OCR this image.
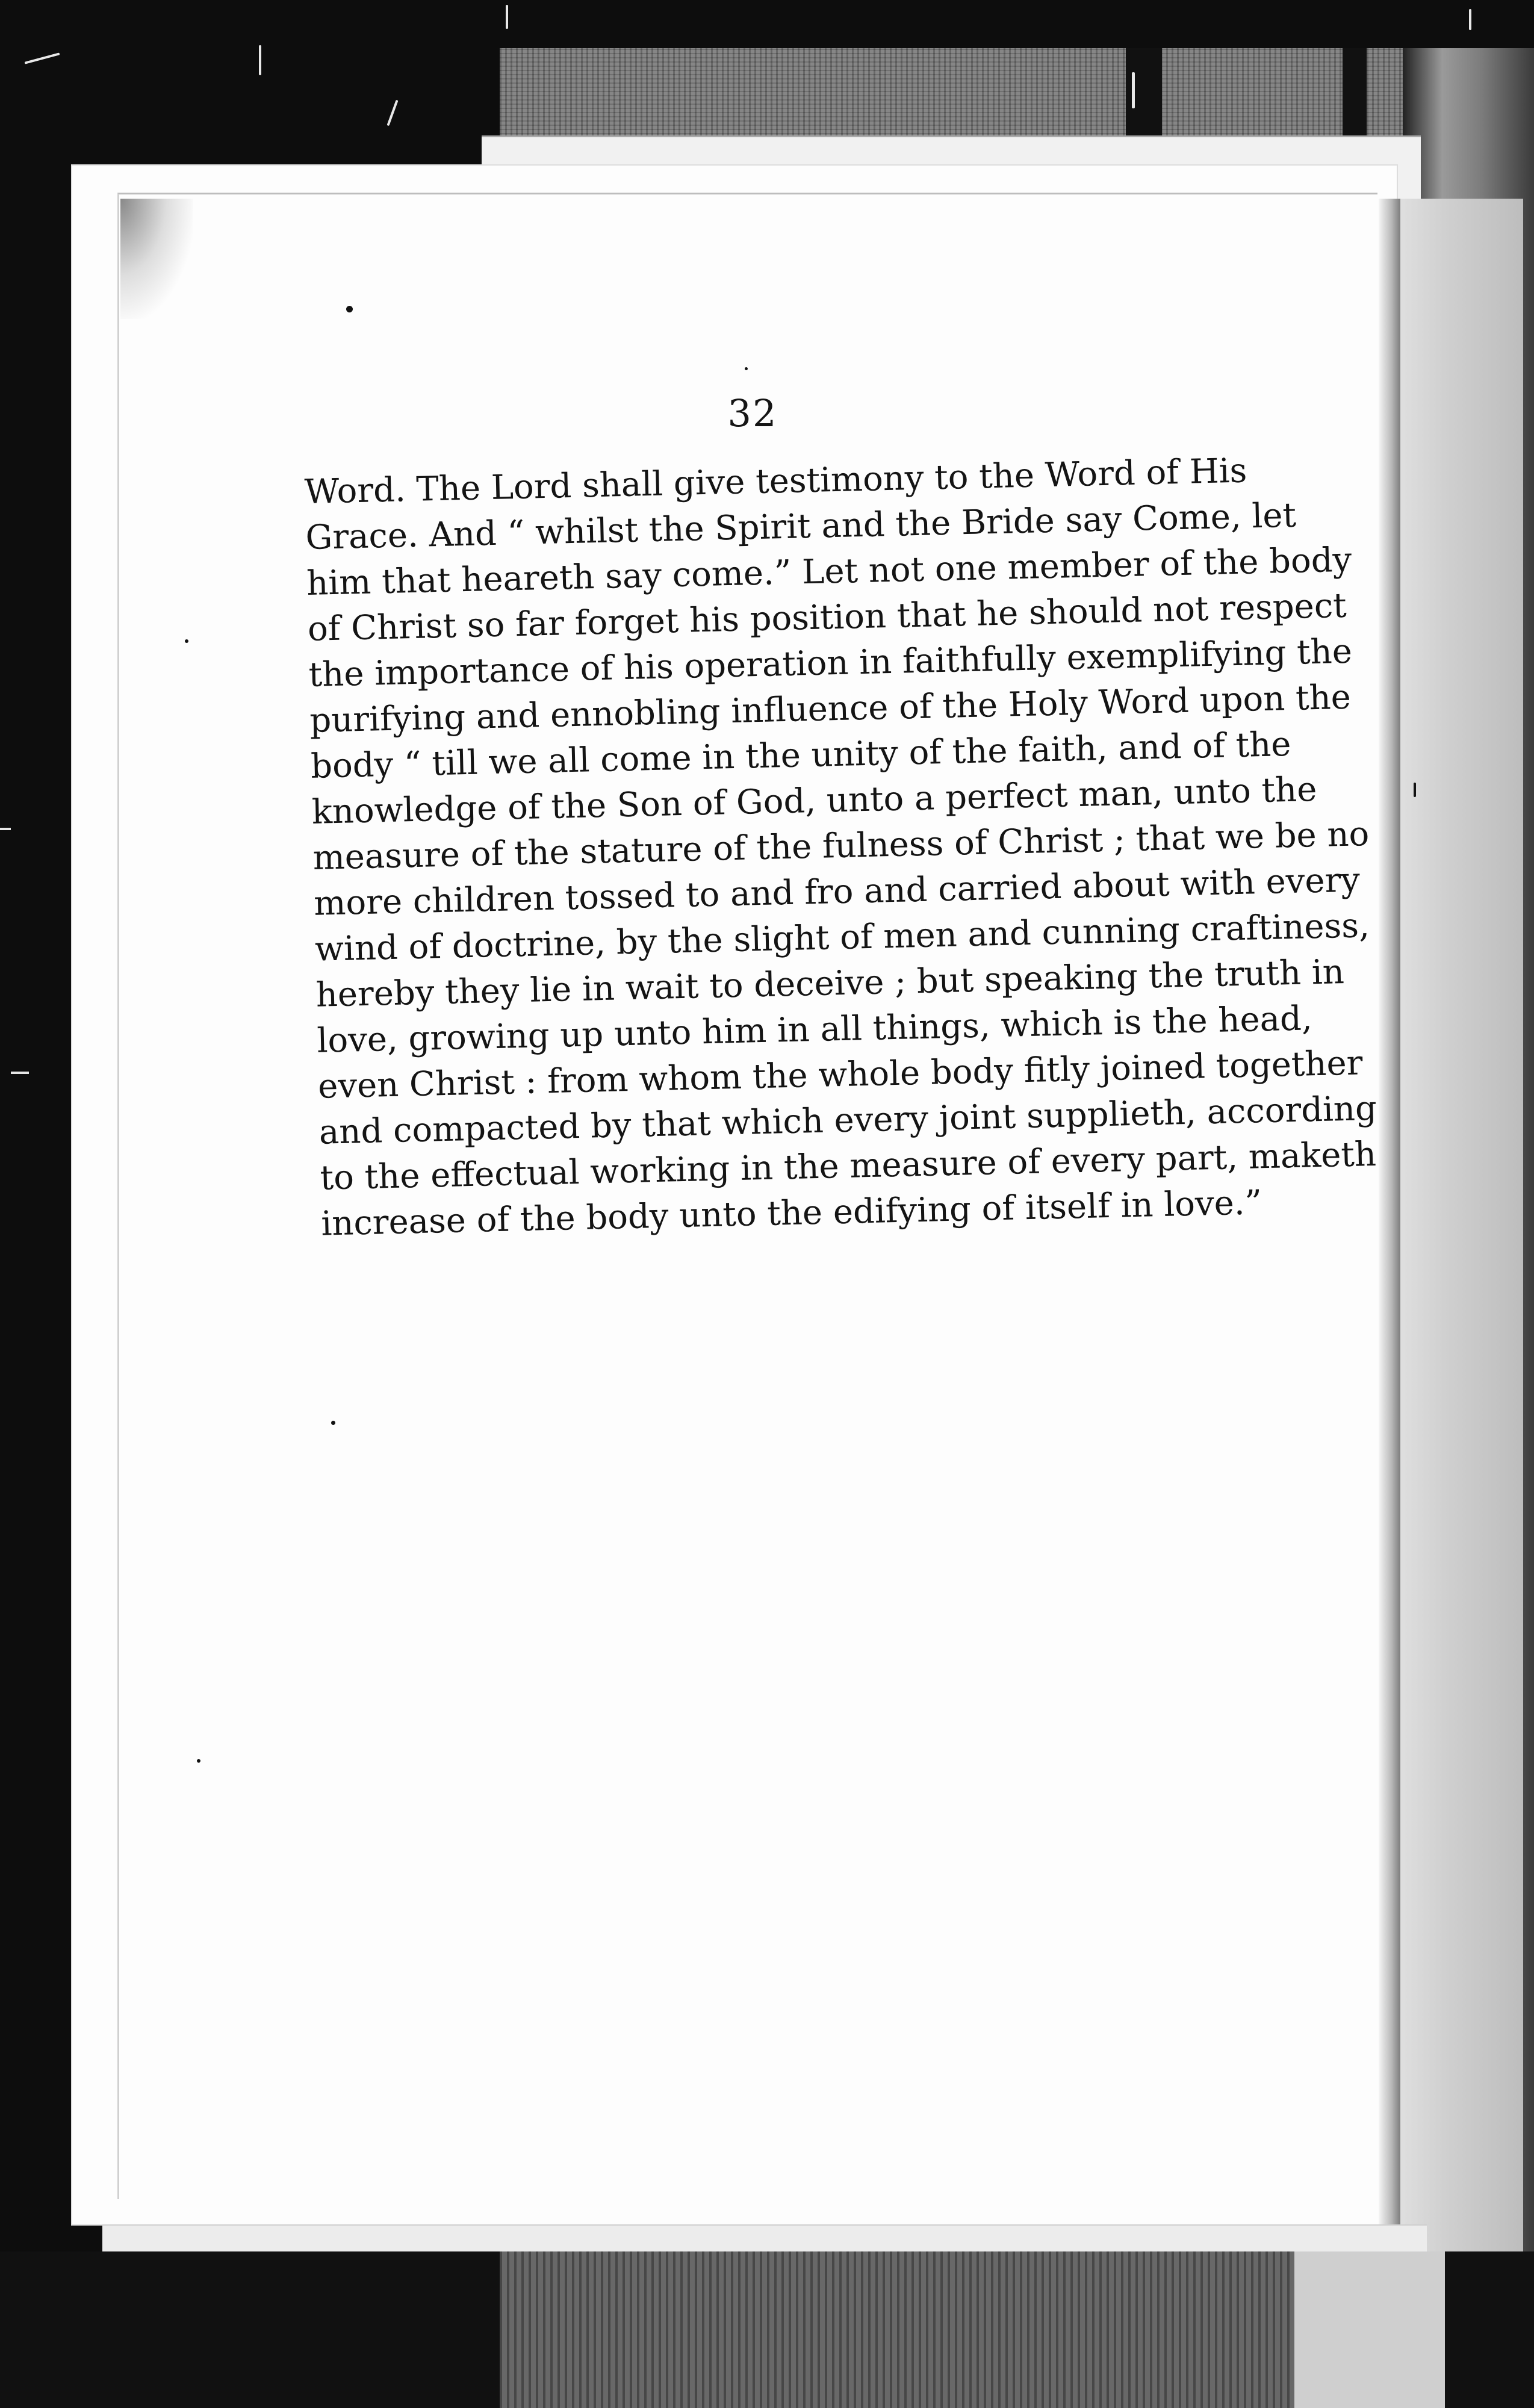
32
Word. The Lord shall give testimony to the Word of His
Grace. And “ whilst the Spirit and the Bride say Come, let
him that heareth say come.” Let not one member of the body
of Christ so far forget his position that he should not respect
the importance of his operation in faithfully exemplifying the
purifying and ennobling influence of the Holy Word upon the
body “ till we all come in the unity of the faith, and of the
knowledge of the Son of God, unto a perfect man, unto the
measure of the stature of the fulness of Christ ; that we be no
more children tossed to and fro and carried about with every
wind of doctrine, by the slight of men and cunning craftiness,
hereby they lie in wait to deceive ; but speaking the truth in
love, growing up unto him in all things, which is the head,
even Christ : from whom the whole body fitly joined together
and compacted by that which every joint supplieth, according
to the effectual working in the measure of every part, maketh
increase of the body unto the edifying of itself in love.”
